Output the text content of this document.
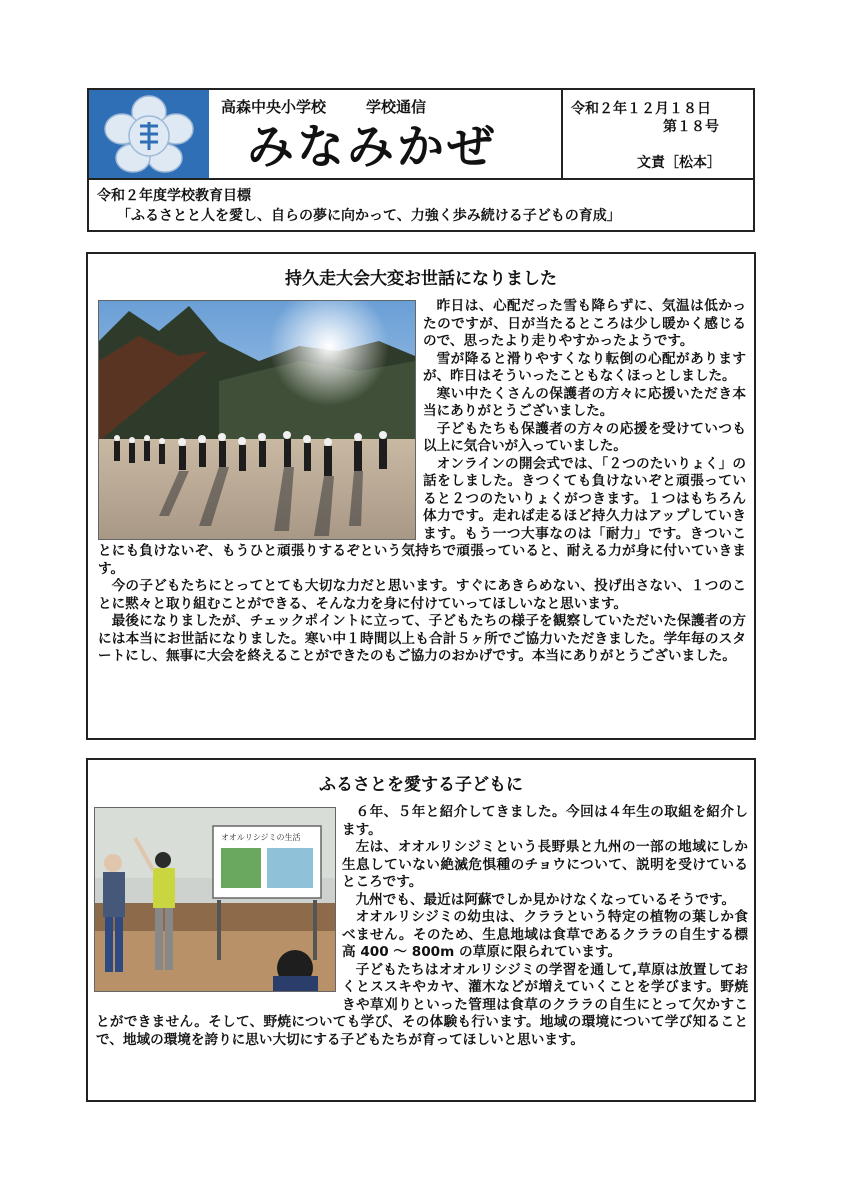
高森中央小学校	学校通信
みなみかぜ
令和２年１２月１８日
第１８号
文責［松本］
令和２年度学校教育目標
「ふるさとと人を愛し、自らの夢に向かって、力強く歩み続ける子どもの育成」
持久走大会大変お世話になりました

昨日は、心配だった雪も降らずに、気温は低かったのですが、日が当たるところは少し暖かく感じるので、思ったより走りやすかったようです。

雪が降ると滑りやすくなり転倒の心配がありますが、昨日はそういったこともなくほっとしました。

寒い中たくさんの保護者の方々に応援いただき本当にありがとうございました。

子どもたちも保護者の方々の応援を受けていつも以上に気合いが入っていました。

オンラインの開会式では、「２つのたいりょく」の話をしました。きつくても負けないぞと頑張っていると２つのたいりょくがつきます。１つはもちろん体力です。走れば走るほど持久力はアップしていきます。もう一つ大事なのは「耐力」です。きついことにも負けないぞ、もうひと頑張りするぞという気持ちで頑張っていると、耐える力が身に付いていきます。

今の子どもたちにとってとても大切な力だと思います。すぐにあきらめない、投げ出さない、１つのことに黙々と取り組むことができる、そんな力を身に付けていってほしいなと思います。

最後になりましたが、チェックポイントに立って、子どもたちの様子を観察していただいた保護者の方には本当にお世話になりました。寒い中１時間以上も合計５ヶ所でご協力いただきました。学年毎のスタートにし、無事に大会を終えることができたのもご協力のおかげです。本当にありがとうございました。

ふるさとを愛する子どもに
オオルリシジミの生活

６年、５年と紹介してきました。今回は４年生の取組を紹介します。

左は、オオルリシジミという長野県と九州の一部の地域にしか生息していない絶滅危惧種のチョウについて、説明を受けているところです。

九州でも、最近は阿蘇でしか見かけなくなっているそうです。

オオルリシジミの幼虫は、クララという特定の植物の葉しか食べません。そのため、生息地域は食草であるクララの自生する標高 400 ～ 800m の草原に限られています。

子どもたちはオオルリシジミの学習を通して,草原は放置しておくとススキやカヤ、灌木などが増えていくことを学びます。野焼きや草刈りといった管理は食草のクララの自生にとって欠かすことができません。そして、野焼についても学び、その体験も行います。地域の環境について学び知ることで、地域の環境を誇りに思い大切にする子どもたちが育ってほしいと思います。
